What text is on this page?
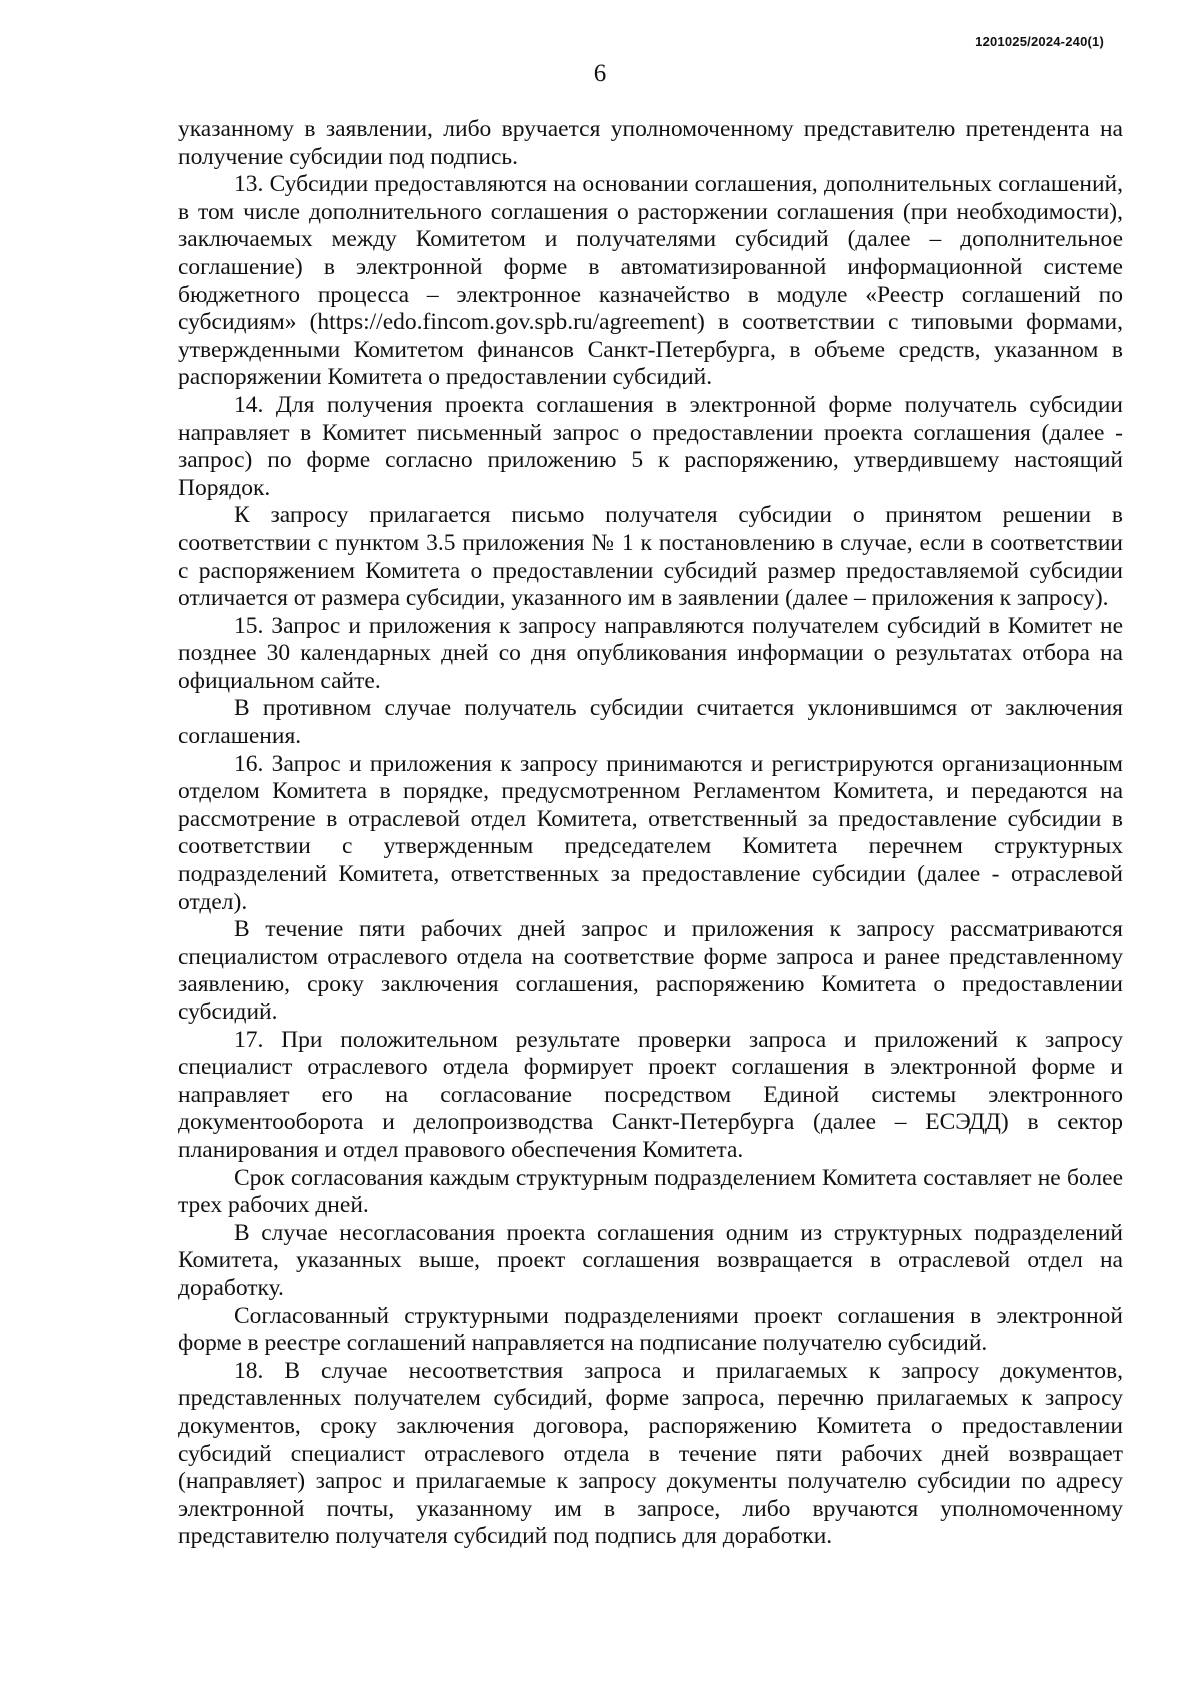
1201025/2024-240(1)
6

указанному в заявлении, либо вручается уполномоченному представителю претендента на получение субсидии под подпись.

13. Субсидии предоставляются на основании соглашения, дополнительных соглашений, в том числе дополнительного соглашения о расторжении соглашения (при необходимости), заключаемых между Комитетом и получателями субсидий (далее – дополнительное соглашение) в электронной форме в автоматизированной информационной системе бюджетного процесса – электронное казначейство в модуле «Реестр соглашений по субсидиям» (https://edo.fincom.gov.spb.ru/agreement) в соответствии с типовыми формами, утвержденными Комитетом финансов Санкт-Петербурга, в объеме средств, указанном в распоряжении Комитета о предоставлении субсидий.

14. Для получения проекта соглашения в электронной форме получатель субсидии направляет в Комитет письменный запрос о предоставлении проекта соглашения (далее - запрос) по форме согласно приложению 5 к распоряжению, утвердившему настоящий Порядок.

К запросу прилагается письмо получателя субсидии о принятом решении в соответствии с пунктом 3.5 приложения № 1 к постановлению в случае, если в соответствии с распоряжением Комитета о предоставлении субсидий размер предоставляемой субсидии отличается от размера субсидии, указанного им в заявлении (далее – приложения к запросу).

15. Запрос и приложения к запросу направляются получателем субсидий в Комитет не позднее 30 календарных дней со дня опубликования информации о результатах отбора на официальном сайте.

В противном случае получатель субсидии считается уклонившимся от заключения соглашения.

16. Запрос и приложения к запросу принимаются и регистрируются организационным отделом Комитета в порядке, предусмотренном Регламентом Комитета, и передаются на рассмотрение в отраслевой отдел Комитета, ответственный за предоставление субсидии в соответствии с утвержденным председателем Комитета перечнем структурных подразделений Комитета, ответственных за предоставление субсидии (далее - отраслевой отдел).

В течение пяти рабочих дней запрос и приложения к запросу рассматриваются специалистом отраслевого отдела на соответствие форме запроса и ранее представленному заявлению, сроку заключения соглашения, распоряжению Комитета о предоставлении субсидий.

17. При положительном результате проверки запроса и приложений к запросу специалист отраслевого отдела формирует проект соглашения в электронной форме и направляет его на согласование посредством Единой системы электронного документооборота и делопроизводства Санкт-Петербурга (далее – ЕСЭДД) в сектор планирования и отдел правового обеспечения Комитета.

Срок согласования каждым структурным подразделением Комитета составляет не более трех рабочих дней.

В случае несогласования проекта соглашения одним из структурных подразделений Комитета, указанных выше, проект соглашения возвращается в отраслевой отдел на доработку.

Согласованный структурными подразделениями проект соглашения в электронной форме в реестре соглашений направляется на подписание получателю субсидий.

18. В случае несоответствия запроса и прилагаемых к запросу документов, представленных получателем субсидий, форме запроса, перечню прилагаемых к запросу документов, сроку заключения договора, распоряжению Комитета о предоставлении субсидий специалист отраслевого отдела в течение пяти рабочих дней возвращает (направляет) запрос и прилагаемые к запросу документы получателю субсидии по адресу электронной почты, указанному им в запросе, либо вручаются уполномоченному представителю получателя субсидий под подпись для доработки.
